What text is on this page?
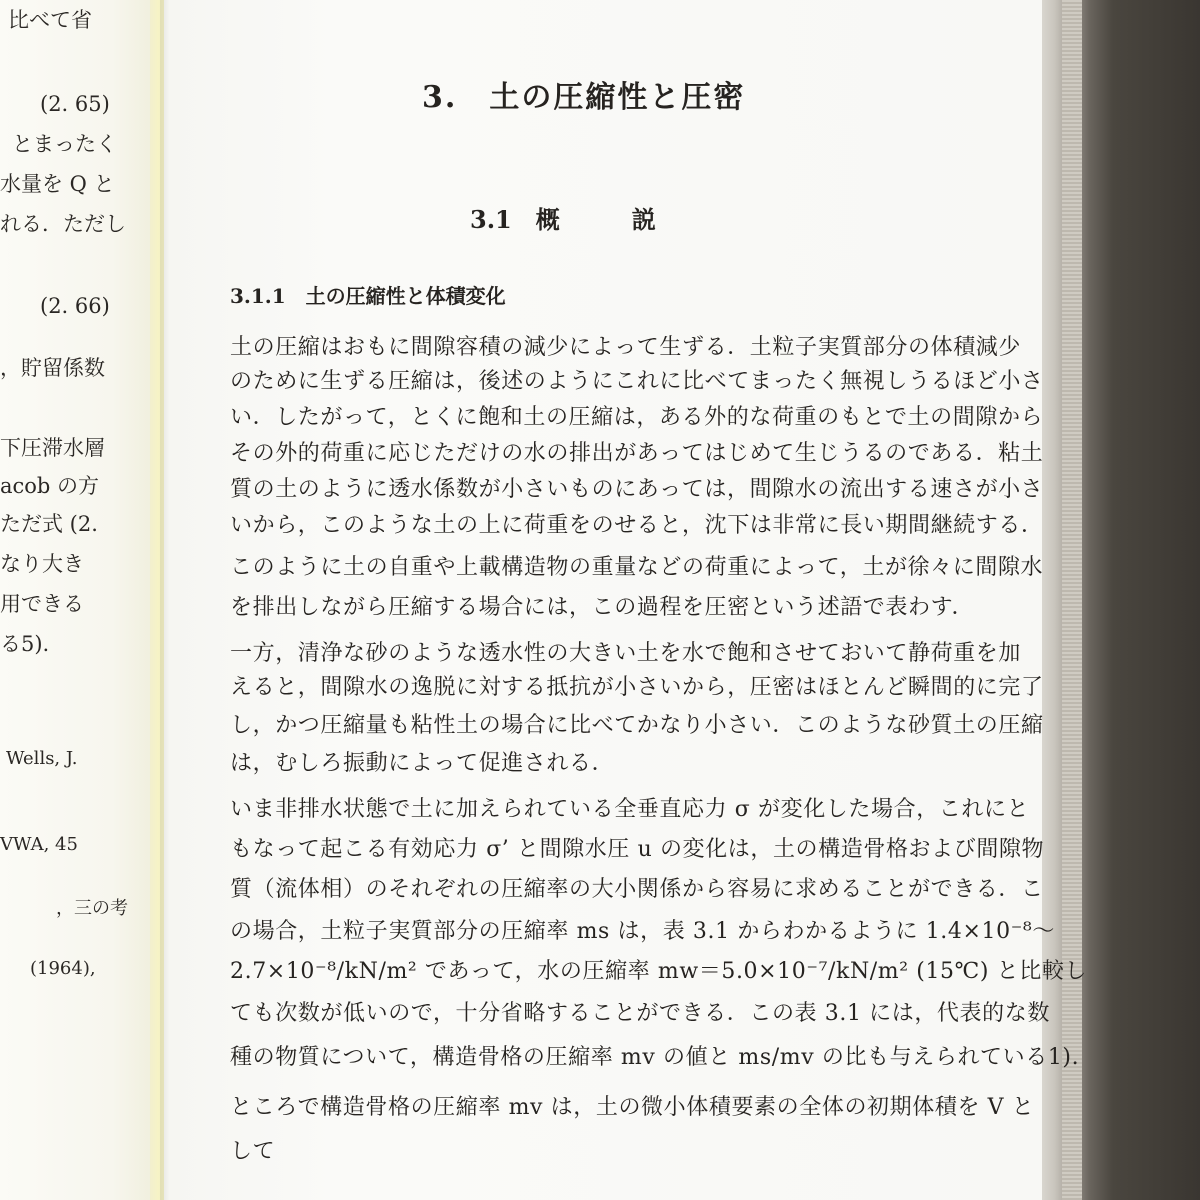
比べて省
(2. 65)
とまったく
水量を Q と
れる．ただし
(2. 66)
，貯留係数
下圧滞水層
acob の方
ただ式 (2.
なり大き
用できる
る5).
Wells, J.
VWA, 45
，三の考
(1964),
3.　土の圧縮性と圧密
3.1　概　　　説
3.1.1　土の圧縮性と体積変化
土の圧縮はおもに間隙容積の減少によって生ずる．土粒子実質部分の体積減少
のために生ずる圧縮は，後述のようにこれに比べてまったく無視しうるほど小さ
い．したがって，とくに飽和土の圧縮は，ある外的な荷重のもとで土の間隙から
その外的荷重に応じただけの水の排出があってはじめて生じうるのである．粘土
質の土のように透水係数が小さいものにあっては，間隙水の流出する速さが小さ
いから，このような土の上に荷重をのせると，沈下は非常に長い期間継続する．
このように土の自重や上載構造物の重量などの荷重によって，土が徐々に間隙水
を排出しながら圧縮する場合には，この過程を圧密という述語で表わす．
一方，清浄な砂のような透水性の大きい土を水で飽和させておいて静荷重を加
えると，間隙水の逸脱に対する抵抗が小さいから，圧密はほとんど瞬間的に完了
し，かつ圧縮量も粘性土の場合に比べてかなり小さい．このような砂質土の圧縮
は，むしろ振動によって促進される．
いま非排水状態で土に加えられている全垂直応力 σ が変化した場合，これにと
もなって起こる有効応力 σ’ と間隙水圧 u の変化は，土の構造骨格および間隙物
質（流体相）のそれぞれの圧縮率の大小関係から容易に求めることができる．こ
の場合，土粒子実質部分の圧縮率 ms は，表 3.1 からわかるように 1.4×10⁻⁸～
2.7×10⁻⁸/kN/m² であって，水の圧縮率 mw＝5.0×10⁻⁷/kN/m² (15℃) と比較し
ても次数が低いので，十分省略することができる．この表 3.1 には，代表的な数
種の物質について，構造骨格の圧縮率 mv の値と ms/mv の比も与えられている1).
ところで構造骨格の圧縮率 mv は，土の微小体積要素の全体の初期体積を V と
して
